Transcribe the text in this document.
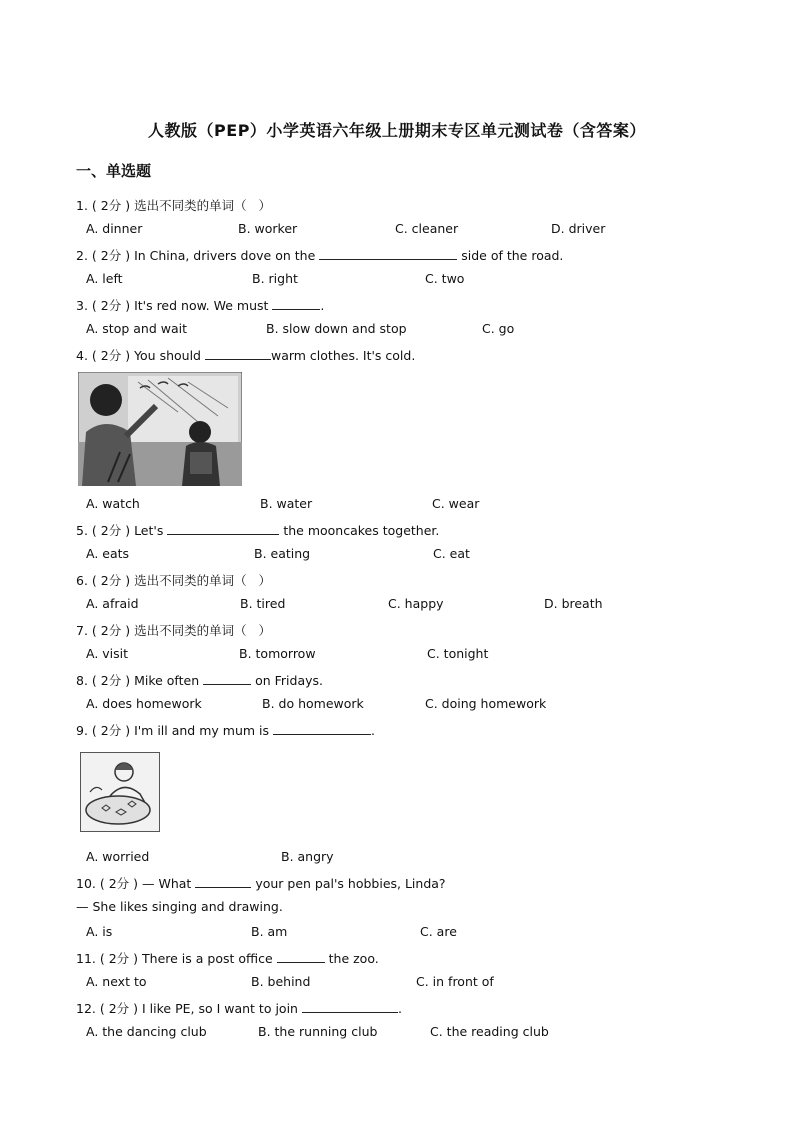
人教版（PEP）小学英语六年级上册期末专区单元测试卷（含答案）
一、单选题
1. ( 2分 ) 选出不同类的单词（ ）
A. dinner	B. worker	C. cleaner	D. driver
2. ( 2分 ) In China, drivers dove on the	side of the road.
A. left	B. right	C. two
3. ( 2分 ) It's red now. We must	.
A. stop and wait	B. slow down and stop	C. go
4. ( 2分 ) You should	warm clothes. It's cold.
A. watch	B. water	C. wear
5. ( 2分 ) Let's	the mooncakes together.
A. eats	B. eating	C. eat
6. ( 2分 ) 选出不同类的单词（ ）
A. afraid	B. tired	C. happy	D. breath
7. ( 2分 ) 选出不同类的单词（ ）
A. visit	B. tomorrow	C. tonight
8. ( 2分 ) Mike often	on Fridays.
A. does homework	B. do homework	C. doing homework
9. ( 2分 ) I'm ill and my mum is	.
A. worried	B. angry
10. ( 2分 ) — What	your pen pal's hobbies, Linda?
— She likes singing and drawing.
A. is	B. am	C. are
11. ( 2分 ) There is a post office	the zoo.
A. next to	B. behind	C. in front of
12. ( 2分 ) I like PE, so I want to join	.
A. the dancing club	B. the running club	C. the reading club
